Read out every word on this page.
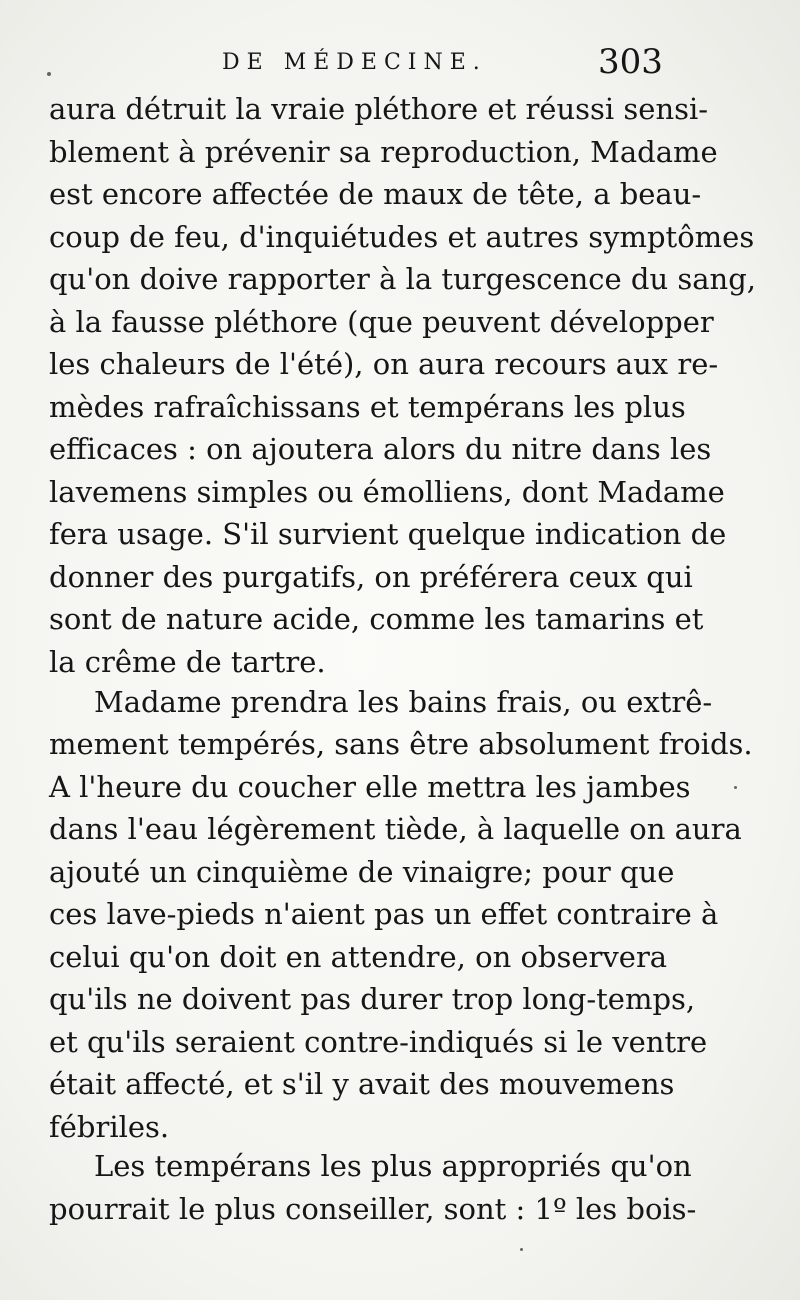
DE MÉDECINE.	303
aura détruit la vraie pléthore et réussi sensi-
blement à prévenir sa reproduction, Madame
est encore affectée de maux de tête, a beau-
coup de feu, d'inquiétudes et autres symptômes
qu'on doive rapporter à la turgescence du sang,
à la fausse pléthore (que peuvent développer
les chaleurs de l'été), on aura recours aux re-
mèdes rafraîchissans et tempérans les plus
efficaces : on ajoutera alors du nitre dans les
lavemens simples ou émolliens, dont Madame
fera usage. S'il survient quelque indication de
donner des purgatifs, on préférera ceux qui
sont de nature acide, comme les tamarins et
la crême de tartre.
Madame prendra les bains frais, ou extrê-
mement tempérés, sans être absolument froids.
A l'heure du coucher elle mettra les jambes
dans l'eau légèrement tiède, à laquelle on aura
ajouté un cinquième de vinaigre; pour que
ces lave-pieds n'aient pas un effet contraire à
celui qu'on doit en attendre, on observera
qu'ils ne doivent pas durer trop long-temps,
et qu'ils seraient contre-indiqués si le ventre
était affecté, et s'il y avait des mouvemens
fébriles.
Les tempérans les plus appropriés qu'on
pourrait le plus conseiller, sont : 1º les bois-
